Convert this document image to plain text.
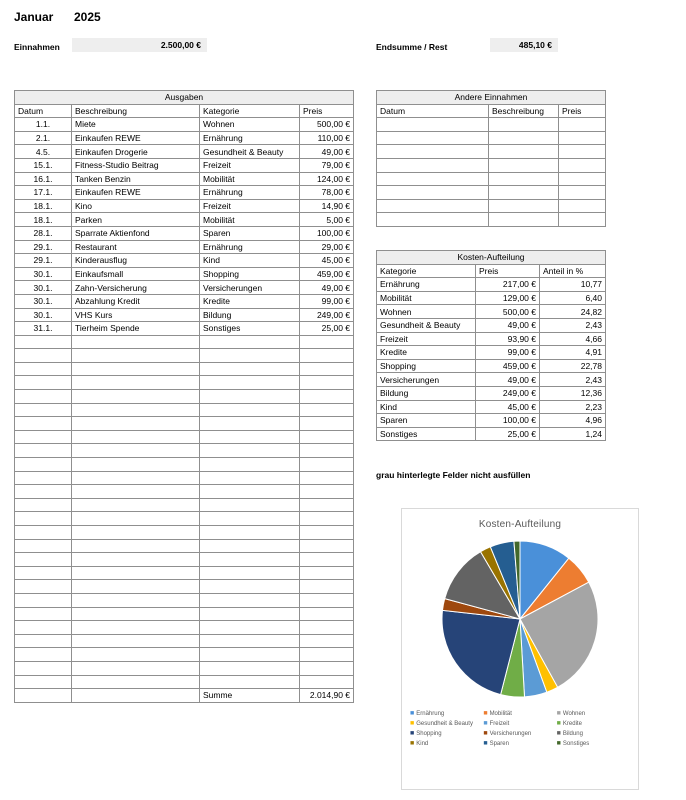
Januar 2025
Einnahmen	2.500,00 €	Endsumme / Rest	485,10 €
Ausgaben			
Datum	Beschreibung	Kategorie	Preis
1.1.	Miete	Wohnen	500,00 €
2.1.	Einkaufen REWE	Ernährung	110,00 €
4.5.	Einkaufen Drogerie	Gesundheit & Beauty	49,00 €
15.1.	Fitness-Studio Beitrag	Freizeit	79,00 €
16.1.	Tanken Benzin	Mobilität	124,00 €
17.1.	Einkaufen REWE	Ernährung	78,00 €
18.1.	Kino	Freizeit	14,90 €
18.1.	Parken	Mobilität	5,00 €
28.1.	Sparrate Aktienfond	Sparen	100,00 €
29.1.	Restaurant	Ernährung	29,00 €
29.1.	Kinderausflug	Kind	45,00 €
30.1.	Einkaufsmall	Shopping	459,00 €
30.1.	Zahn-Versicherung	Versicherungen	49,00 €
30.1.	Abzahlung Kredit	Kredite	99,00 €
30.1.	VHS Kurs	Bildung	249,00 €
31.1.	Tierheim Spende	Sonstiges	25,00 €

		Summe	2.014,90 €
Andere Einnahmen		
Datum	Beschreibung	Preis

Kosten-Aufteilung		
Kategorie	Preis	Anteil in %
Ernährung	217,00 €	10,77
Mobilität	129,00 €	6,40
Wohnen	500,00 €	24,82
Gesundheit & Beauty	49,00 €	2,43
Freizeit	93,90 €	4,66
Kredite	99,00 €	4,91
Shopping	459,00 €	22,78
Versicherungen	49,00 €	2,43
Bildung	249,00 €	12,36
Kind	45,00 €	2,23
Sparen	100,00 €	4,96
Sonstiges	25,00 €	1,24
grau hinterlegte Felder nicht ausfüllen
Kosten-Aufteilung
■ Ernährung	■ Mobilität	■ Wohnen
■ Gesundheit & Beauty ■ Freizeit	■ Kredite
■ Shopping	■ Versicherungen	■ Bildung
■ Kind	■ Sparen	■ Sonstiges
